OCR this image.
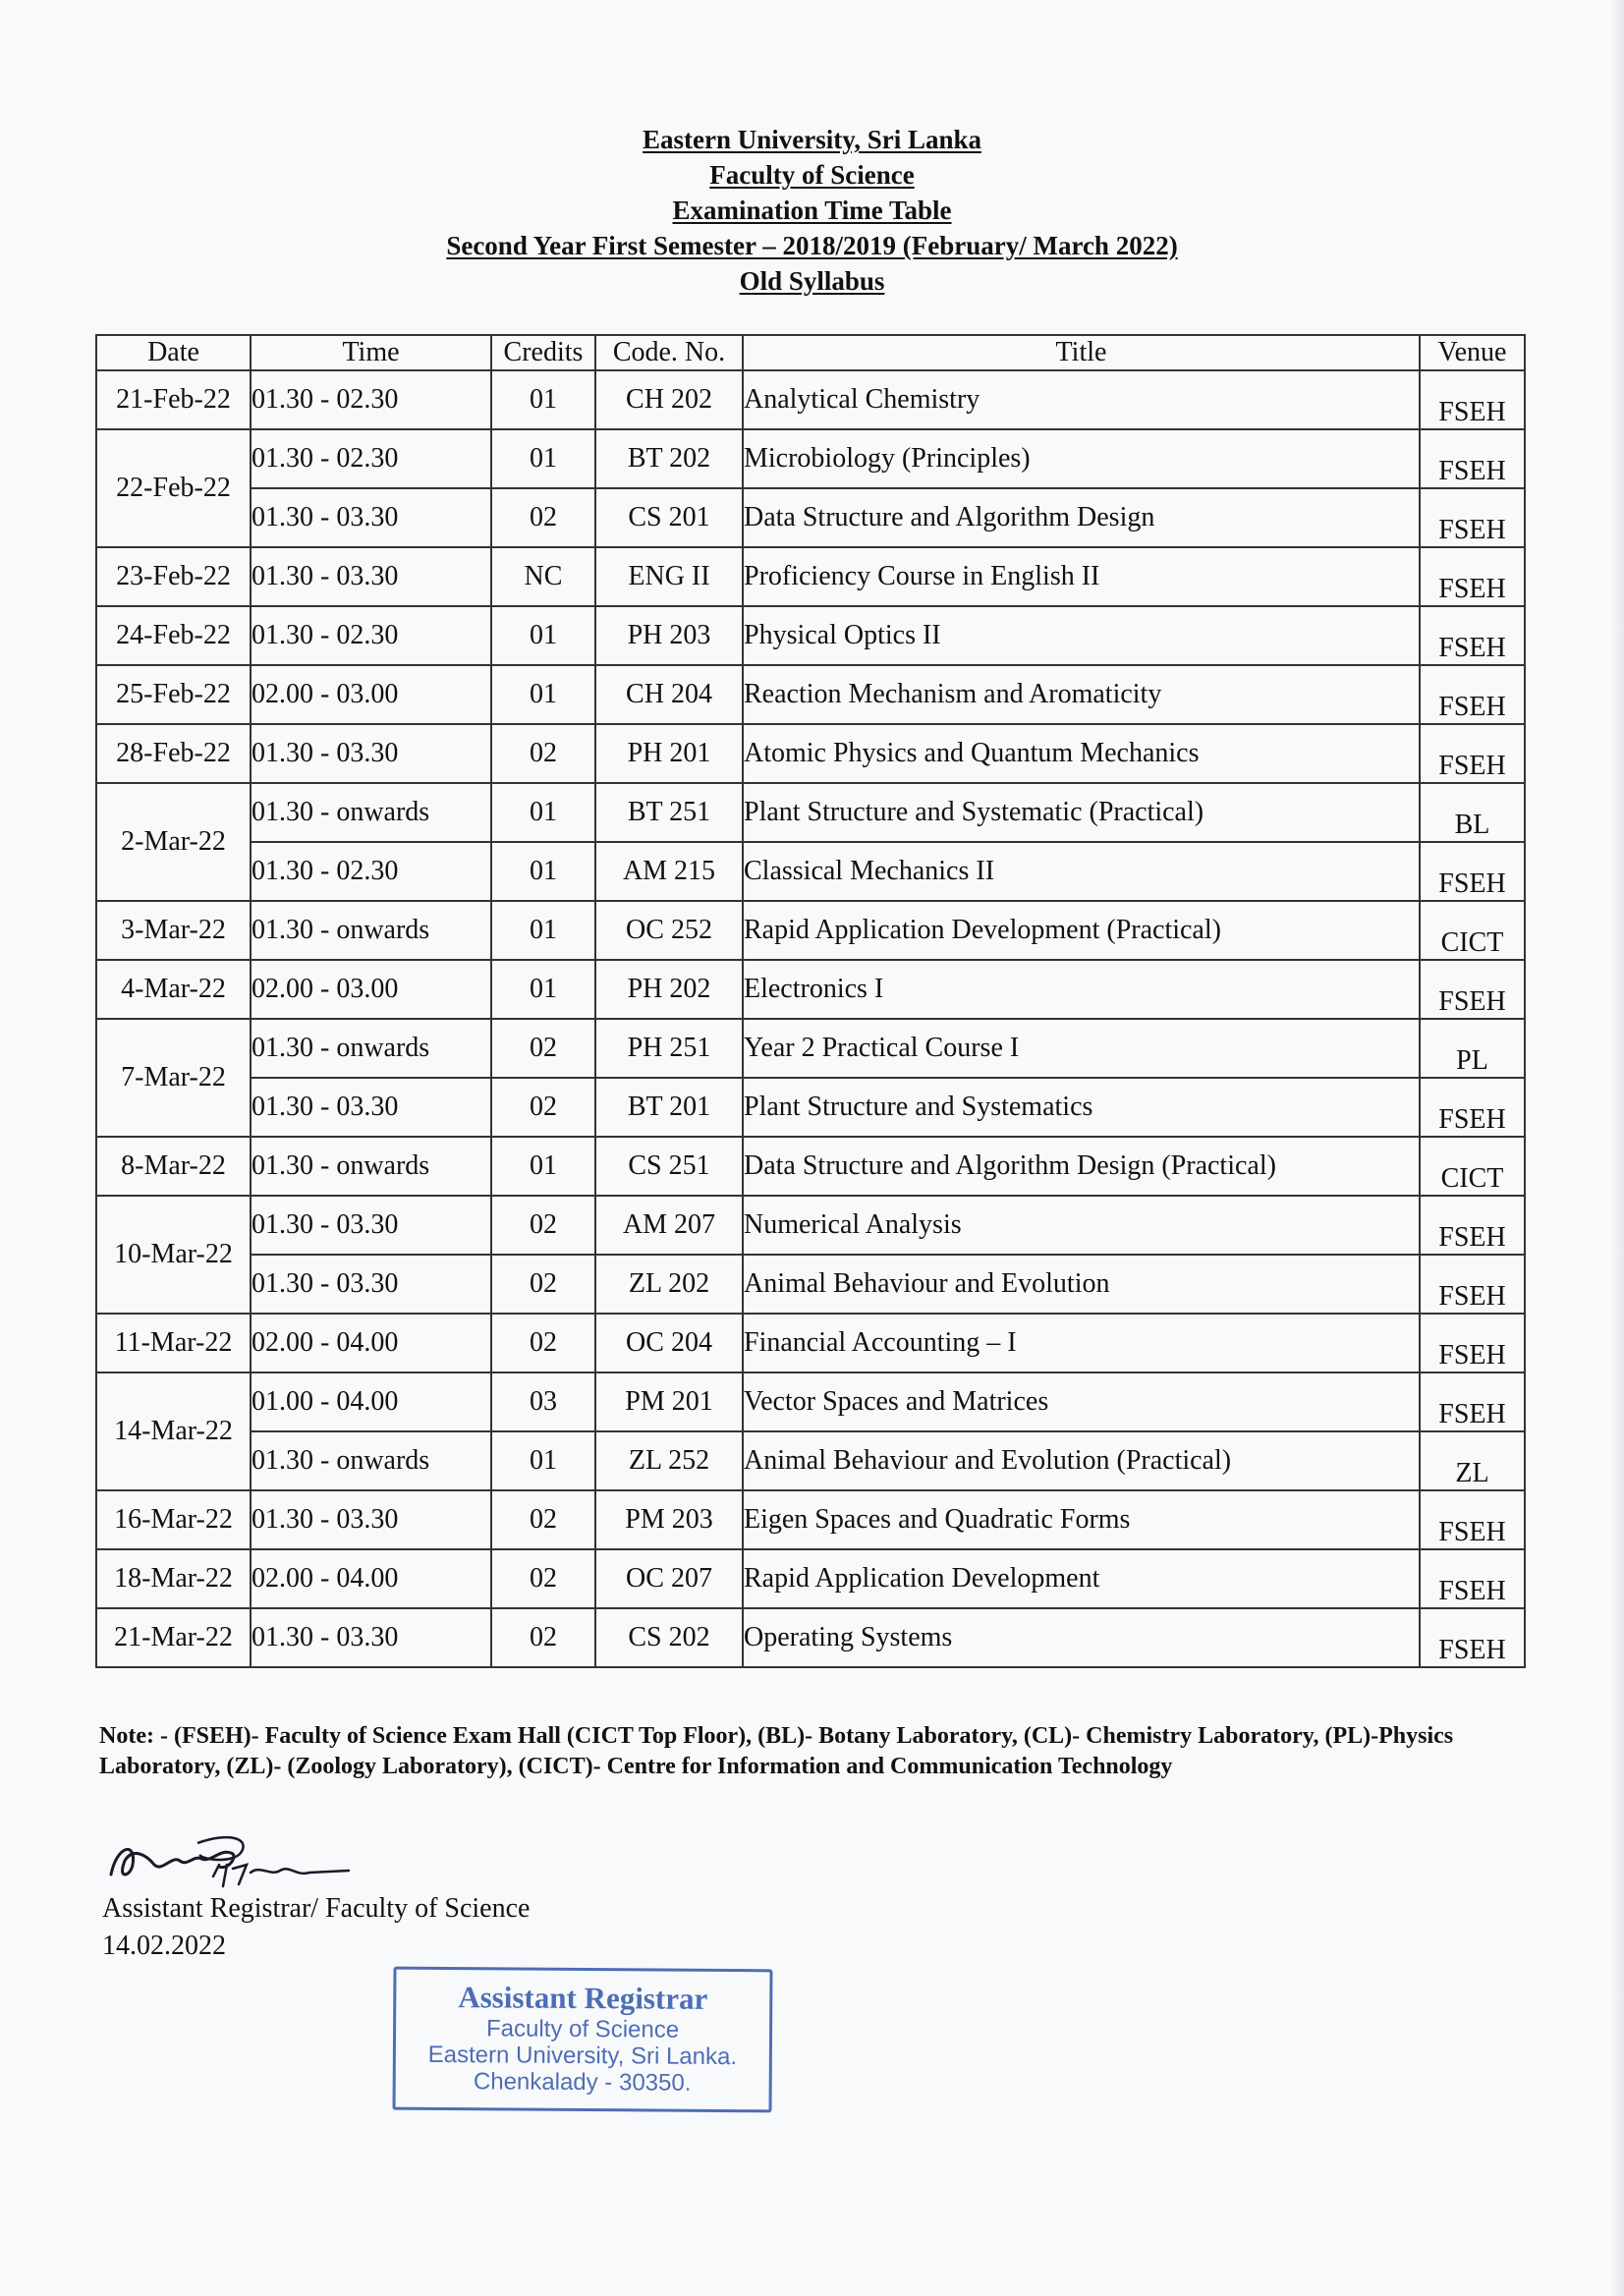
Eastern University, Sri Lanka
Faculty of Science
Examination Time Table
Second Year First Semester – 2018/2019 (February/ March 2022)
Old Syllabus
Date	Time	Credits	Code. No.	Title	Venue
21-Feb-22	01.30 - 02.30	01	CH 202	Analytical Chemistry	FSEH
22-Feb-22	01.30 - 02.30	01	BT 202	Microbiology (Principles)	FSEH
	01.30 - 03.30	02	CS 201	Data Structure and Algorithm Design	FSEH
23-Feb-22	01.30 - 03.30	NC	ENG II	Proficiency Course in English II	FSEH
24-Feb-22	01.30 - 02.30	01	PH 203	Physical Optics II	FSEH
25-Feb-22	02.00 - 03.00	01	CH 204	Reaction Mechanism and Aromaticity	FSEH
28-Feb-22	01.30 - 03.30	02	PH 201	Atomic Physics and Quantum Mechanics	FSEH
2-Mar-22	01.30 - onwards	01	BT 251	Plant Structure and Systematic (Practical)	BL
	01.30 - 02.30	01	AM 215	Classical Mechanics II	FSEH
3-Mar-22	01.30 - onwards	01	OC 252	Rapid Application Development (Practical)	CICT
4-Mar-22	02.00 - 03.00	01	PH 202	Electronics I	FSEH
7-Mar-22	01.30 - onwards	02	PH 251	Year 2 Practical Course I	PL
	01.30 - 03.30	02	BT 201	Plant Structure and Systematics	FSEH
8-Mar-22	01.30 - onwards	01	CS 251	Data Structure and Algorithm Design (Practical)	CICT
10-Mar-22	01.30 - 03.30	02	AM 207	Numerical Analysis	FSEH
	01.30 - 03.30	02	ZL 202	Animal Behaviour and Evolution	FSEH
11-Mar-22	02.00 - 04.00	02	OC 204	Financial Accounting – I	FSEH
14-Mar-22	01.00 - 04.00	03	PM 201	Vector Spaces and Matrices	FSEH
	01.30 - onwards	01	ZL 252	Animal Behaviour and Evolution (Practical)	ZL
16-Mar-22	01.30 - 03.30	02	PM 203	Eigen Spaces and Quadratic Forms	FSEH
18-Mar-22	02.00 - 04.00	02	OC 207	Rapid Application Development	FSEH
21-Mar-22	01.30 - 03.30	02	CS 202	Operating Systems	FSEH
Note: - (FSEH)- Faculty of Science Exam Hall (CICT Top Floor), (BL)- Botany Laboratory, (CL)- Chemistry Laboratory, (PL)-Physics Laboratory, (ZL)- (Zoology Laboratory), (CICT)- Centre for Information and Communication Technology
Assistant Registrar/ Faculty of Science
14.02.2022
Assistant Registrar
Faculty of Science
Eastern University, Sri Lanka.
Chenkalady - 30350.
